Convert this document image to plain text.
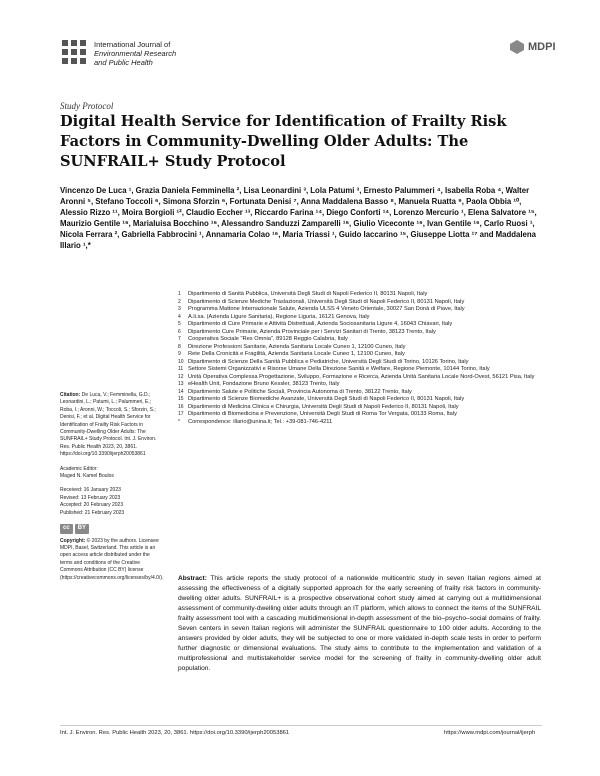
International Journal of
Environmental Research
and Public Health
MDPI
Study Protocol
Digital Health Service for Identification of Frailty Risk Factors in Community-Dwelling Older Adults: The SUNFRAIL+ Study Protocol
Vincenzo De Luca ¹, Grazia Daniela Femminella ², Lisa Leonardini ³, Lola Patumi ³, Ernesto Palummeri ⁴, Isabella Roba ⁴, Walter Aronni ⁵, Stefano Toccoli ⁶, Simona Sforzin ⁶, Fortunata Denisi ⁷, Anna Maddalena Basso ⁸, Manuela Ruatta ⁹, Paola Obbia ¹⁰, Alessio Rizzo ¹¹, Moira Borgioli ¹², Claudio Eccher ¹³, Riccardo Farina ¹⁴, Diego Conforti ¹⁴, Lorenzo Mercurio ¹, Elena Salvatore ¹⁵, Maurizio Gentile ¹⁶, Marialuisa Bocchino ¹⁶, Alessandro Sanduzzi Zamparelli ¹⁶, Giulio Viceconte ¹⁶, Ivan Gentile ¹⁶, Carlo Ruosi ¹, Nicola Ferrara ², Gabriella Fabbrocini ¹, Annamaria Colao ¹⁶, Maria Triassi ¹, Guido Iaccarino ¹⁵, Giuseppe Liotta ¹⁷ and Maddalena Illario ¹,*
1	Dipartimento di Sanità Pubblica, Università Degli Studi di Napoli Federico II, 80131 Napoli, Italy
2	Dipartimento di Scienze Mediche Traslazionali, Università Degli Studi di Napoli Federico II, 80131 Napoli, Italy
3	Programma Mattone Internazionale Salute, Azienda ULSS 4 Veneto Orientale, 30027 San Donà di Piave, Italy
4	A.li.sa. (Azienda Ligure Sanitaria), Regione Liguria, 16121 Genova, Italy
5	Dipartimento di Cure Primarie e Attività Distrettuali, Azienda Sociosanitaria Ligure 4, 16043 Chiavari, Italy
6	Dipartimento Cure Primarie, Azienda Provinciale per i Servizi Sanitari di Trento, 38123 Trento, Italy
7	Cooperativa Sociale "Res Omnia", 89128 Reggio Calabria, Italy
8	Direzione Professioni Sanitarie, Azienda Sanitaria Locale Cuneo 1, 12100 Cuneo, Italy
9	Rete Della Cronicità e Fragilità, Azienda Sanitaria Locale Cuneo 1, 12100 Cuneo, Italy
10 Dipartimento di Scienze Della Sanità Pubblica e Pediatriche, Università Degli Studi di Torino, 10126 Torino, Italy
11 Settore Sistemi Organizzativi e Risorse Umane Della Direzione Sanità e Welfare, Regione Piemonte, 10144 Torino, Italy
12 Unità Operativa Complessa Progettazione, Sviluppo, Formazione e Ricerca, Azienda Unità Sanitaria Locale Nord-Ovest, 56121 Pisa, Italy
13 eHealth Unit, Fondazione Bruno Kessler, 38123 Trento, Italy
14 Dipartimento Salute e Politiche Sociali, Provincia Autonoma di Trento, 38122 Trento, Italy
15 Dipartimento di Scienze Biomediche Avanzate, Università Degli Studi di Napoli Federico II, 80131 Napoli, Italy
16 Dipartimento di Medicina Clinica e Chirurgia, Università Degli Studi di Napoli Federico II, 80131 Napoli, Italy
17 Dipartimento di Biomedicina e Prevenzione, Università Degli Studi di Roma Tor Vergata, 00133 Roma, Italy
*	Correspondence: illario@unina.it; Tel.: +39-081-746-4211
Citation: De Luca, V.; Femminella, G.D.; Leonardini, L.; Patumi, L.; Palummeri, E.; Roba, I.; Aronni, W.; Toccoli, S.; Sforzin, S.; Denisi, F.; et al. Digital Health Service for Identification of Frailty Risk Factors in Community-Dwelling Older Adults: The SUNFRAIL+ Study Protocol. Int. J. Environ. Res. Public Health 2023, 20, 3861. https://doi.org/10.3390/ijerph20053861
Academic Editor:
Maged N. Kamel Boulos
Received: 16 January 2023
Revised: 13 February 2023
Accepted: 20 February 2023
Published: 21 February 2023
cc	BY
Copyright: © 2023 by the authors. Licensee MDPI, Basel, Switzerland. This article is an open access article distributed under the terms and conditions of the Creative Commons Attribution (CC BY) license (https://creativecommons.org/licenses/by/4.0/). Abstract: This article reports the study protocol of a nationwide multicentric study in seven Italian regions aimed at assessing the effectiveness of a digitally supported approach for the early screening of frailty risk factors in community-dwelling older adults. SUNFRAIL+ is a prospective observational cohort study aimed at carrying out a multidimensional assessment of community-dwelling older adults through an IT platform, which allows to connect the items of the SUNFRAIL frailty assessment tool with a cascading multidimensional in-depth assessment of the bio–psycho–social domains of frailty. Seven centers in seven Italian regions will administer the SUNFRAIL questionnaire to 100 older adults. According to the answers provided by older adults, they will be subjected to one or more validated in-depth scale tests in order to perform further diagnostic or dimensional evaluations. The study aims to contribute to the implementation and validation of a multiprofessional and multistakeholder service model for the screening of frailty in community-dwelling older adult population.
Int. J. Environ. Res. Public Health 2023, 20, 3861. https://doi.org/10.3390/ijerph20053861	https://www.mdpi.com/journal/ijerph
